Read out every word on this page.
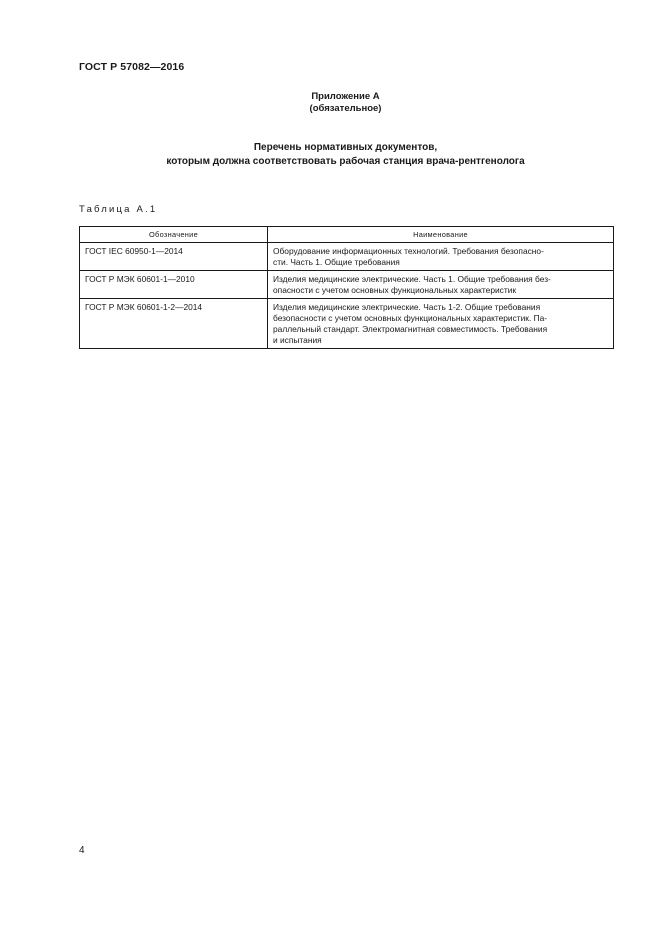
ГОСТ Р 57082—2016
Приложение А
(обязательное)
Перечень нормативных документов,
которым должна соответствовать рабочая станция врача-рентгенолога
Таблица А.1
Обозначение	Наименование
ГОСТ IEC 60950-1—2014	Оборудование информационных технологий. Требования безопасно-
сти. Часть 1. Общие требования

ГОСТ Р МЭК 60601-1—2010	Изделия медицинские электрические. Часть 1. Общие требования без-
опасности с учетом основных функциональных характеристик

ГОСТ Р МЭК 60601-1-2—2014	Изделия медицинские электрические. Часть 1-2. Общие требования
безопасности с учетом основных функциональных характеристик. Па-
раллельный стандарт. Электромагнитная совместимость. Требования
и испытания
4
